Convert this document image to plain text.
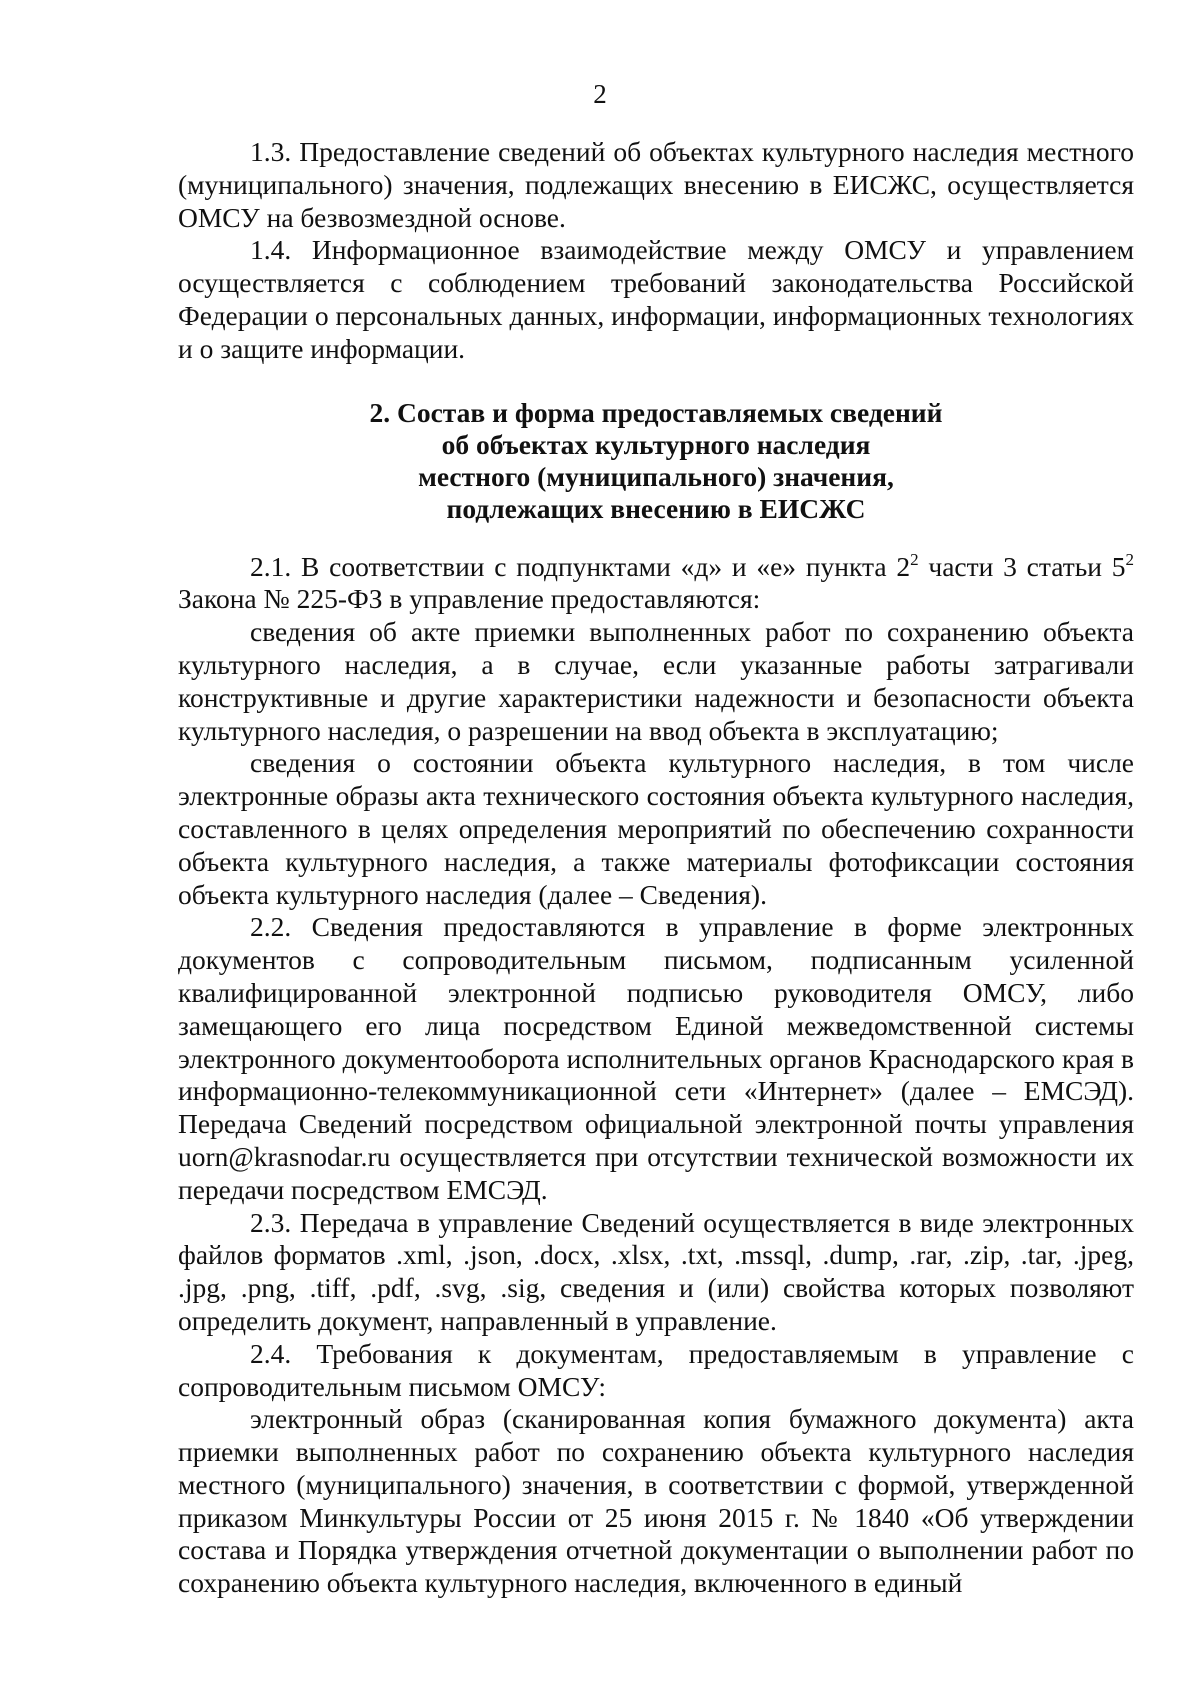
2

1.3. Предоставление сведений об объектах культурного наследия местного (муниципального) значения, подлежащих внесению в ЕИСЖС, осуществляется ОМСУ на безвозмездной основе.

1.4. Информационное взаимодействие между ОМСУ и управлением осуществляется с соблюдением требований законодательства Российской Федерации о персональных данных, информации, информационных технологиях и о защите информации.

2. Состав и форма предоставляемых сведений
об объектах культурного наследия
местного (муниципального) значения,
подлежащих внесению в ЕИСЖС

2.1. В соответствии с подпунктами «д» и «е» пункта $2^2$ части 3 статьи $5^2$ Закона № 225-ФЗ в управление предоставляются:

сведения об акте приемки выполненных работ по сохранению объекта культурного наследия, а в случае, если указанные работы затрагивали конструктивные и другие характеристики надежности и безопасности объекта культурного наследия, о разрешении на ввод объекта в эксплуатацию;

сведения о состоянии объекта культурного наследия, в том числе электронные образы акта технического состояния объекта культурного наследия, составленного в целях определения мероприятий по обеспечению сохранности объекта культурного наследия, а также материалы фотофиксации состояния объекта культурного наследия (далее – Сведения).

2.2. Сведения предоставляются в управление в форме электронных документов с сопроводительным письмом, подписанным усиленной квалифицированной электронной подписью руководителя ОМСУ, либо замещающего его лица посредством Единой межведомственной системы электронного документооборота исполнительных органов Краснодарского края в информационно-телекоммуникационной сети «Интернет» (далее – ЕМСЭД). Передача Сведений посредством официальной электронной почты управления uorn@krasnodar.ru осуществляется при отсутствии технической возможности их передачи посредством ЕМСЭД.

2.3. Передача в управление Сведений осуществляется в виде электронных файлов форматов .xml, .json, .docx, .xlsx, .txt, .mssql, .dump, .rar, .zip, .tar, .jpeg, .jpg, .png, .tiff, .pdf, .svg, .sig, сведения и (или) свойства которых позволяют определить документ, направленный в управление.

2.4. Требования к документам, предоставляемым в управление с сопроводительным письмом ОМСУ:

электронный образ (сканированная копия бумажного документа) акта приемки выполненных работ по сохранению объекта культурного наследия местного (муниципального) значения, в соответствии с формой, утвержденной приказом Минкультуры России от 25 июня 2015 г. № 1840 «Об утверждении состава и Порядка утверждения отчетной документации о выполнении работ по сохранению объекта культурного наследия, включенного в единый
